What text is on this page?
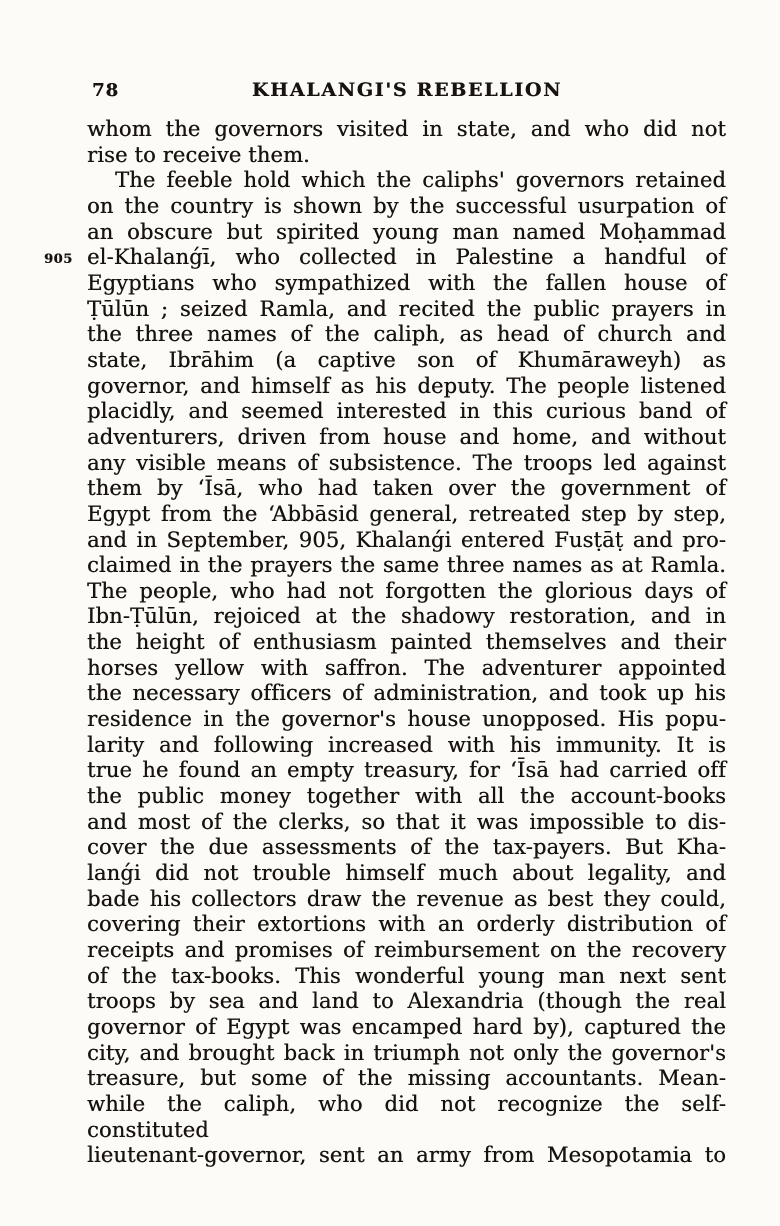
78	KHALANGI'S REBELLION
905
whom the governors visited in state, and who did not
rise to receive them.
The feeble hold which the caliphs' governors retained
on the country is shown by the successful usurpation of
an obscure but spirited young man named Moḥammad
el-Khalanǵī, who collected in Palestine a handful of
Egyptians who sympathized with the fallen house of
Ṭūlūn ; seized Ramla, and recited the public prayers in
the three names of the caliph, as head of church and
state, Ibrāhim (a captive son of Khumāraweyh) as
governor, and himself as his deputy. The people listened
placidly, and seemed interested in this curious band of
adventurers, driven from house and home, and without
any visible means of subsistence. The troops led against
them by ʻĪsā, who had taken over the government of
Egypt from the ʻAbbāsid general, retreated step by step,
and in September, 905, Khalanǵi entered Fusṭāṭ and pro-
claimed in the prayers the same three names as at Ramla.
The people, who had not forgotten the glorious days of
Ibn-Ṭūlūn, rejoiced at the shadowy restoration, and in
the height of enthusiasm painted themselves and their
horses yellow with saffron. The adventurer appointed
the necessary officers of administration, and took up his
residence in the governor's house unopposed. His popu-
larity and following increased with his immunity. It is
true he found an empty treasury, for ʻĪsā had carried off
the public money together with all the account-books
and most of the clerks, so that it was impossible to dis-
cover the due assessments of the tax-payers. But Kha-
lanǵi did not trouble himself much about legality, and
bade his collectors draw the revenue as best they could,
covering their extortions with an orderly distribution of
receipts and promises of reimbursement on the recovery
of the tax-books. This wonderful young man next sent
troops by sea and land to Alexandria (though the real
governor of Egypt was encamped hard by), captured the
city, and brought back in triumph not only the governor's
treasure, but some of the missing accountants. Mean-
while the caliph, who did not recognize the self-constituted
lieutenant-governor, sent an army from Mesopotamia to
